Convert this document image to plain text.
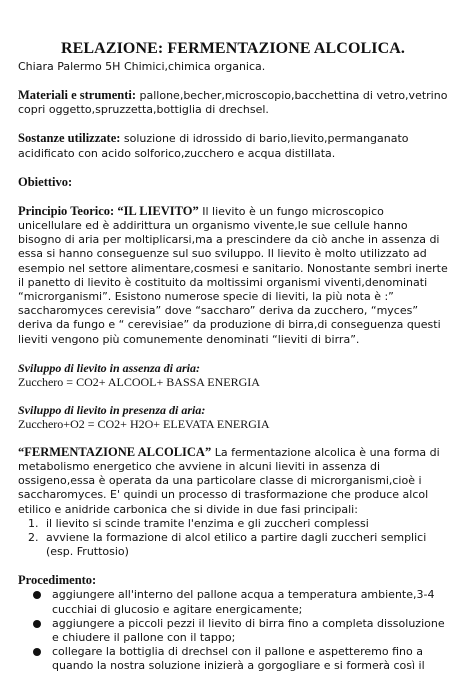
RELAZIONE: FERMENTAZIONE ALCOLICA.

Chiara Palermo 5H Chimici,chimica organica.

Materiali e strumenti: pallone,becher,microscopio,bacchettina di vetro,vetrino copri oggetto,spruzzetta,bottiglia di drechsel.

Sostanze utilizzate: soluzione di idrossido di bario,lievito,permanganato acidificato con acido solforico,zucchero e acqua distillata.

Obiettivo:

Principio Teorico: “IL LIEVITO” Il lievito è un fungo microscopico unicellulare ed è addirittura un organismo vivente,le sue cellule hanno bisogno di aria per moltiplicarsi,ma a prescindere da ciò anche in assenza di essa si hanno conseguenze sul suo sviluppo. Il lievito è molto utilizzato ad esempio nel settore alimentare,cosmesi e sanitario. Nonostante sembri inerte il panetto di lievito è costituito da moltissimi organismi viventi,denominati “microrganismi”. Esistono numerose specie di lieviti, la più nota è :” saccharomyces cerevisia” dove “saccharo” deriva da zucchero, “myces” deriva da fungo e “ cerevisiae” da produzione di birra,di conseguenza questi lieviti vengono più comunemente denominati “lieviti di birra”.

Sviluppo di lievito in assenza di aria:

Zucchero = CO2+ ALCOOL+ BASSA ENERGIA

Sviluppo di lievito in presenza di aria:

Zucchero+O2 = CO2+ H2O+ ELEVATA ENERGIA

“FERMENTAZIONE ALCOLICA” La fermentazione alcolica è una forma di metabolismo energetico che avviene in alcuni lieviti in assenza di ossigeno,essa è operata da una particolare classe di microrganismi,cioè i saccharomyces. E' quindi un processo di trasformazione che produce alcol etilico e anidride carbonica che si divide in due fasi principali:

1. il lievito si scinde tramite l'enzima e gli zuccheri complessi
2. avviene la formazione di alcol etilico a partire dagli zuccheri semplici (esp. Fruttosio)

Procedimento:

aggiungere all'interno del pallone acqua a temperatura ambiente,3-4 cucchiai di glucosio e agitare energicamente;
aggiungere a piccoli pezzi il lievito di birra fino a completa dissoluzione e chiudere il pallone con il tappo;
collegare la bottiglia di drechsel con il pallone e aspetteremo fino a quando la nostra soluzione inizierà a gorgogliare e si formerà così il
